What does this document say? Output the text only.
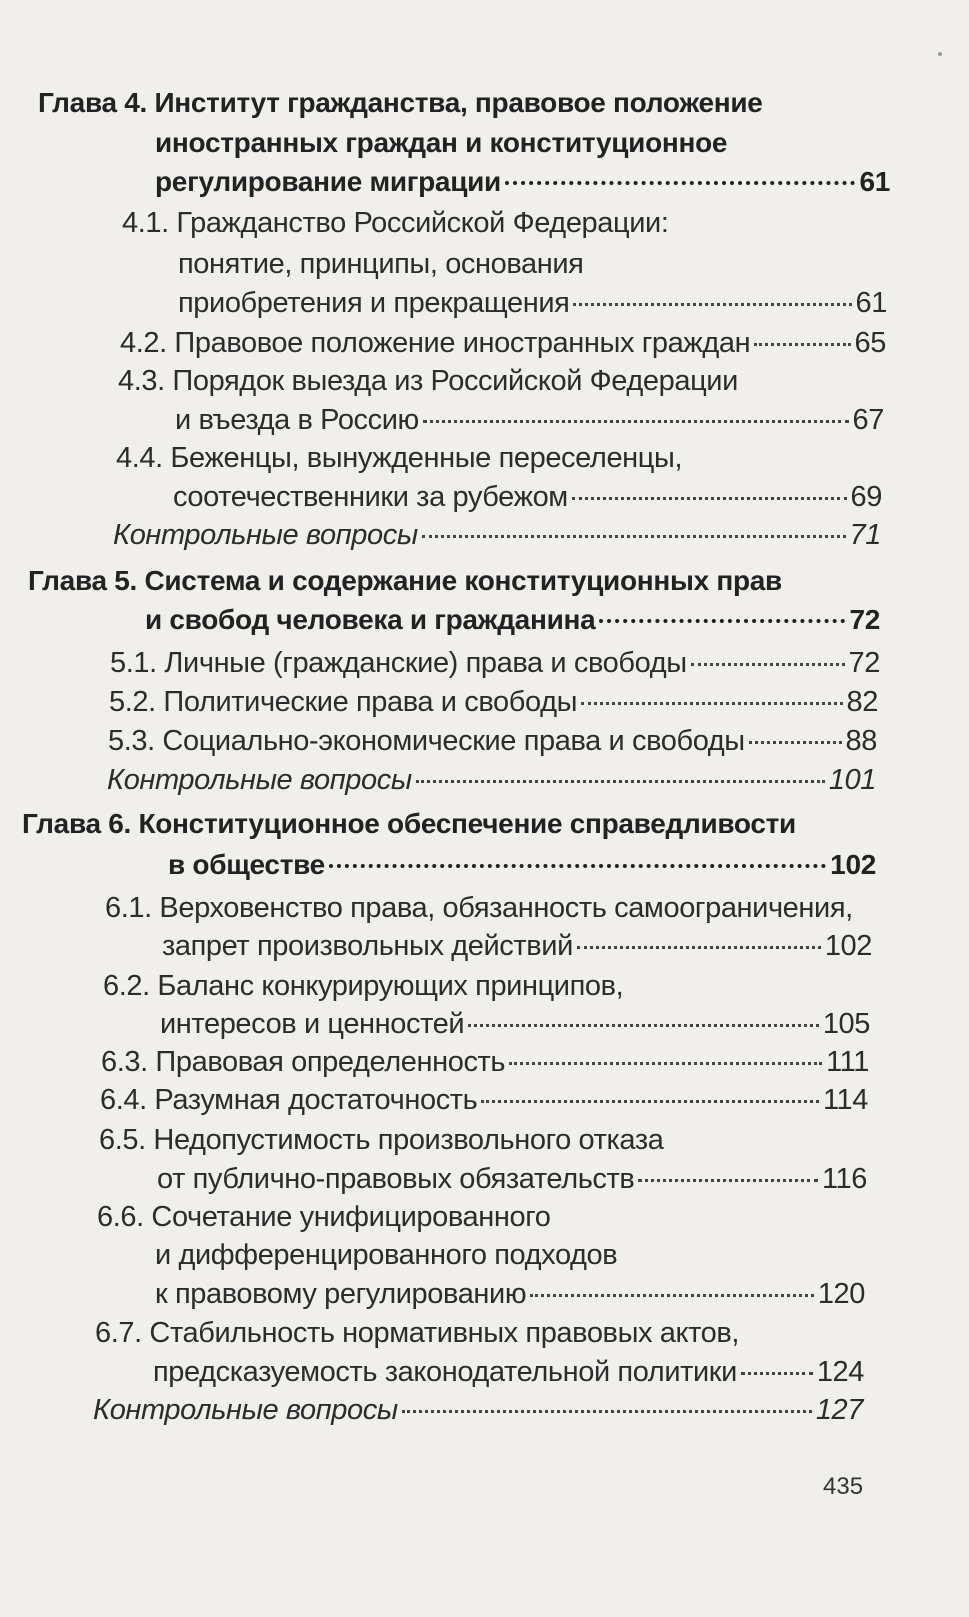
Глава 4. Институт гражданства, правовое положение
иностранных граждан и конституционное
регулирование миграции	61
4.1. Гражданство Российской Федерации:
понятие, принципы, основания
приобретения и прекращения	61
4.2. Правовое положение иностранных граждан	65
4.3. Порядок выезда из Российской Федерации
и въезда в Россию	67
4.4. Беженцы, вынужденные переселенцы,
соотечественники за рубежом	69
Контрольные вопросы	71
Глава 5. Система и содержание конституционных прав
и свобод человека и гражданина	72
5.1. Личные (гражданские) права и свободы	72
5.2. Политические права и свободы	82
5.3. Социально-экономические права и свободы	88
Контрольные вопросы	101
Глава 6. Конституционное обеспечение справедливости
в обществе	102
6.1. Верховенство права, обязанность самоограничения,
запрет произвольных действий	102
6.2. Баланс конкурирующих принципов,
интересов и ценностей	105
6.3. Правовая определенность	111
6.4. Разумная достаточность	114
6.5. Недопустимость произвольного отказа
от публично-правовых обязательств	116
6.6. Сочетание унифицированного
и дифференцированного подходов
к правовому регулированию	120
6.7. Стабильность нормативных правовых актов,
предсказуемость законодательной политики	124
Контрольные вопросы	127
435
